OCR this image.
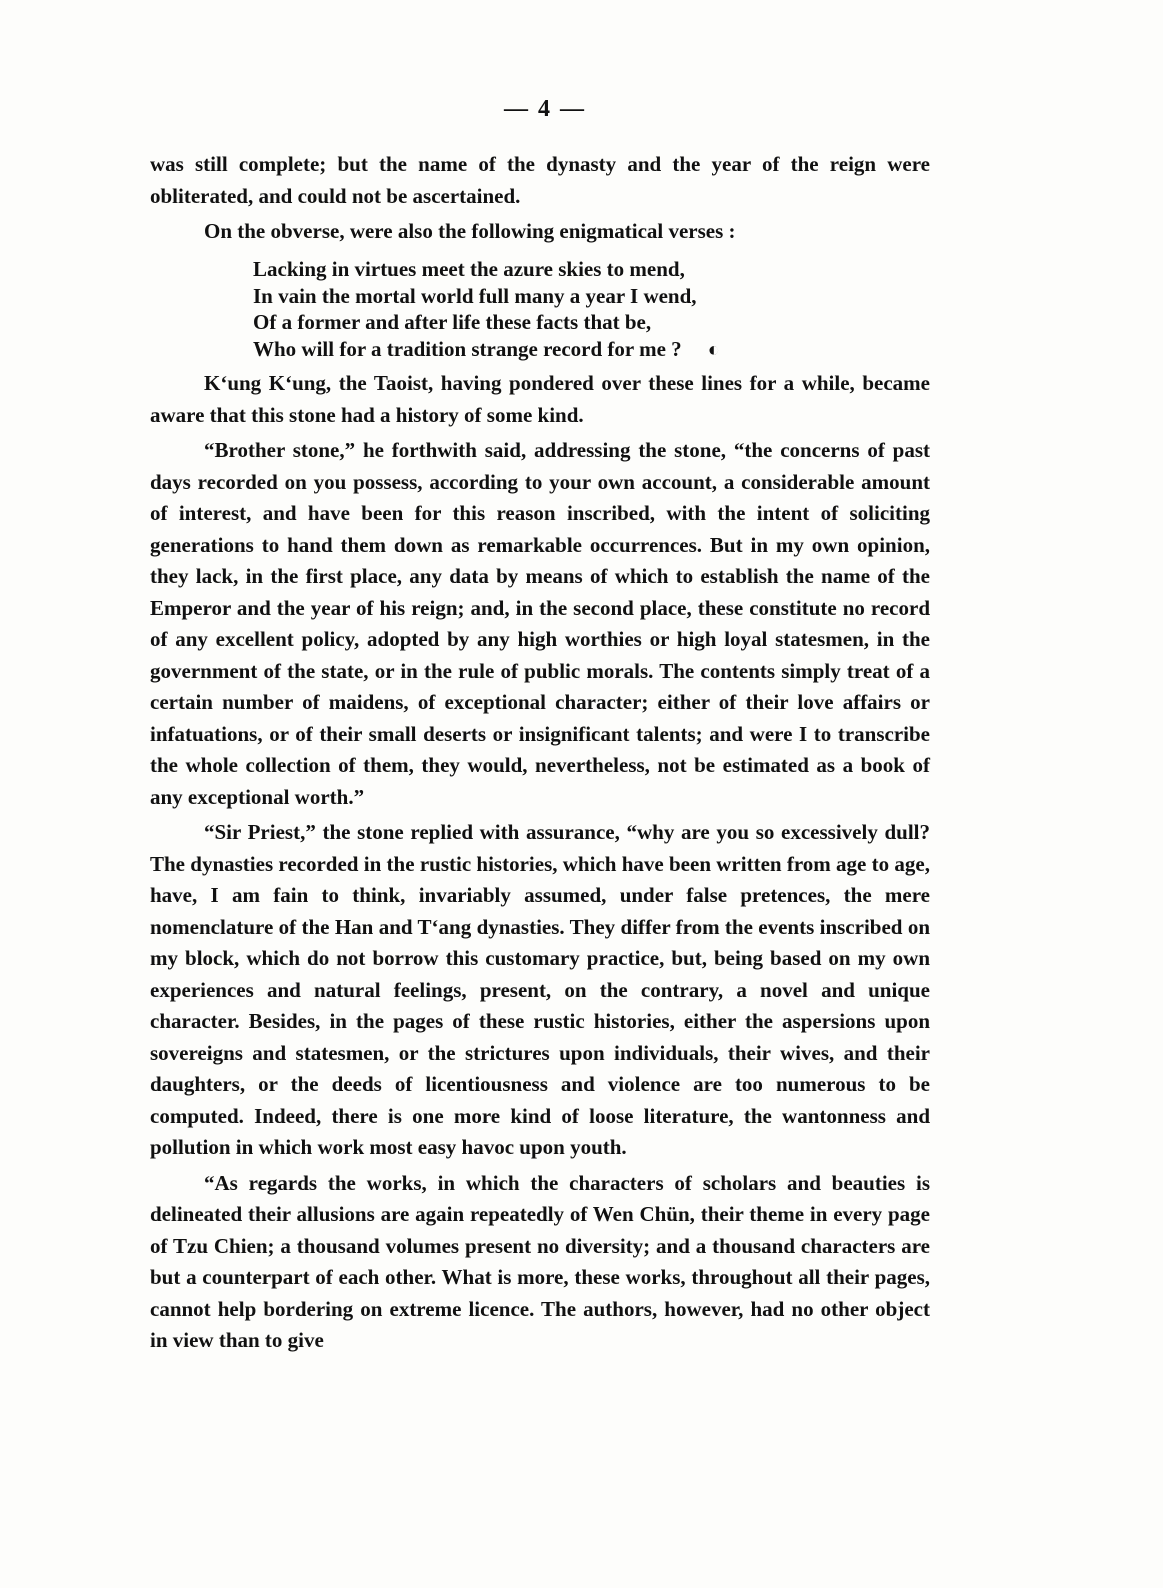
— 4 —

was still complete; but the name of the dynasty and the year of the reign were obliterated, and could not be ascertained.

On the obverse, were also the following enigmatical verses :

Lacking in virtues meet the azure skies to mend,
In vain the mortal world full many a year I wend,
Of a former and after life these facts that be,
Who will for a tradition strange record for me ? ◐

K‘ung K‘ung, the Taoist, having pondered over these lines for a while, became aware that this stone had a history of some kind.

“Brother stone,” he forthwith said, addressing the stone, “the concerns of past days recorded on you possess, according to your own account, a considerable amount of interest, and have been for this reason inscribed, with the intent of soliciting generations to hand them down as remarkable occurrences. But in my own opinion, they lack, in the first place, any data by means of which to establish the name of the Emperor and the year of his reign; and, in the second place, these constitute no record of any excellent policy, adopted by any high worthies or high loyal statesmen, in the government of the state, or in the rule of public morals. The contents simply treat of a certain number of maidens, of exceptional character; either of their love affairs or infatuations, or of their small deserts or insignificant talents; and were I to transcribe the whole collection of them, they would, nevertheless, not be estimated as a book of any exceptional worth.”

“Sir Priest,” the stone replied with assurance, “why are you so excessively dull? The dynasties recorded in the rustic histories, which have been written from age to age, have, I am fain to think, invariably assumed, under false pretences, the mere nomenclature of the Han and T‘ang dynasties. They differ from the events inscribed on my block, which do not borrow this customary practice, but, being based on my own experiences and natural feelings, present, on the contrary, a novel and unique character. Besides, in the pages of these rustic histories, either the aspersions upon sovereigns and statesmen, or the strictures upon individuals, their wives, and their daughters, or the deeds of licentiousness and violence are too numerous to be computed. Indeed, there is one more kind of loose literature, the wantonness and pollution in which work most easy havoc upon youth.

“As regards the works, in which the characters of scholars and beauties is delineated their allusions are again repeatedly of Wen Chün, their theme in every page of Tzu Chien; a thousand volumes present no diversity; and a thousand characters are but a counterpart of each other. What is more, these works, throughout all their pages, cannot help bordering on extreme licence. The authors, however, had no other object in view than to give
